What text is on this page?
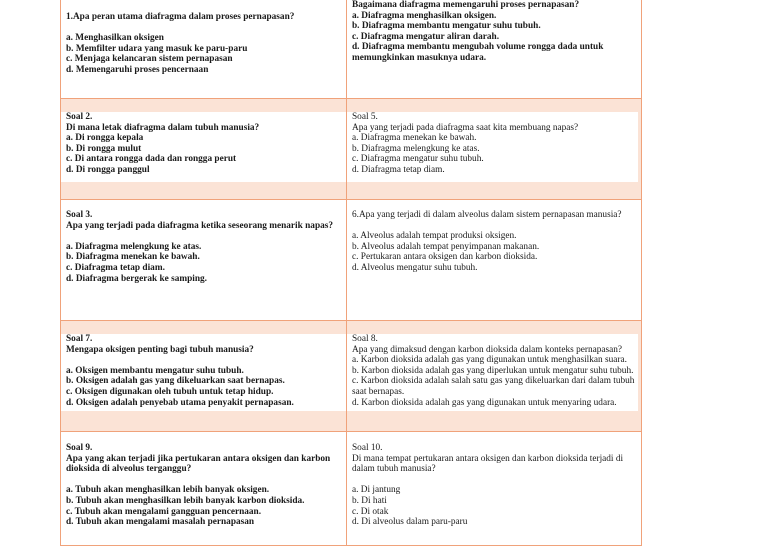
1.Apa peran utama diafragma dalam proses pernapasan?

a. Menghasilkan oksigen

b. Memfilter udara yang masuk ke paru-paru

c. Menjaga kelancaran sistem pernapasan

d. Memengaruhi proses pencernaan

Bagaimana diafragma memengaruhi proses pernapasan?

a. Diafragma menghasilkan oksigen.

b. Diafragma membantu mengatur suhu tubuh.

c. Diafragma mengatur aliran darah.

d. Diafragma membantu mengubah volume rongga dada untuk memungkinkan masuknya udara.

Soal 2.

Di mana letak diafragma dalam tubuh manusia?

a. Di rongga kepala

b. Di rongga mulut

c. Di antara rongga dada dan rongga perut

d. Di rongga panggul

Soal 5.

Apa yang terjadi pada diafragma saat kita membuang napas?

a. Diafragma menekan ke bawah.

b. Diafragma melengkung ke atas.

c. Diafragma mengatur suhu tubuh.

d. Diafragma tetap diam.

Soal 3.

Apa yang terjadi pada diafragma ketika seseorang menarik napas?

a. Diafragma melengkung ke atas.

b. Diafragma menekan ke bawah.

c. Diafragma tetap diam.

d. Diafragma bergerak ke samping.

6.Apa yang terjadi di dalam alveolus dalam sistem pernapasan manusia?

a. Alveolus adalah tempat produksi oksigen.

b. Alveolus adalah tempat penyimpanan makanan.

c. Pertukaran antara oksigen dan karbon dioksida.

d. Alveolus mengatur suhu tubuh.

Soal 7.

Mengapa oksigen penting bagi tubuh manusia?

a. Oksigen membantu mengatur suhu tubuh.

b. Oksigen adalah gas yang dikeluarkan saat bernapas.

c. Oksigen digunakan oleh tubuh untuk tetap hidup.

d. Oksigen adalah penyebab utama penyakit pernapasan.

Soal 8.

Apa yang dimaksud dengan karbon dioksida dalam konteks pernapasan?

a. Karbon dioksida adalah gas yang digunakan untuk menghasilkan suara.

b. Karbon dioksida adalah gas yang diperlukan untuk mengatur suhu tubuh.

c. Karbon dioksida adalah salah satu gas yang dikeluarkan dari dalam tubuh saat bernapas.

d. Karbon dioksida adalah gas yang digunakan untuk menyaring udara.

Soal 9.

Apa yang akan terjadi jika pertukaran antara oksigen dan karbon dioksida di alveolus terganggu?

a. Tubuh akan menghasilkan lebih banyak oksigen.

b. Tubuh akan menghasilkan lebih banyak karbon dioksida.

c. Tubuh akan mengalami gangguan pencernaan.

d. Tubuh akan mengalami masalah pernapasan

Soal 10.

Di mana tempat pertukaran antara oksigen dan karbon dioksida terjadi di dalam tubuh manusia?

a. Di jantung

b. Di hati

c. Di otak

d. Di alveolus dalam paru-paru
